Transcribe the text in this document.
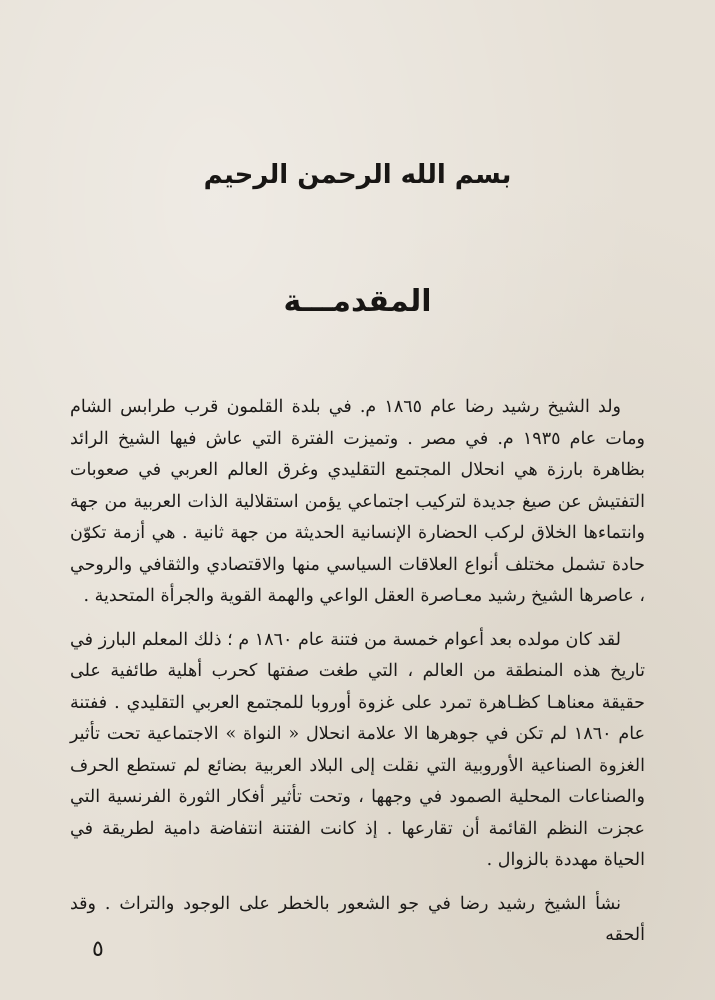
بسم الله الرحمن الرحيم
المقدمـــة

ولد الشيخ رشيد رضا عام ١٨٦٥ م. في بلدة القلمون قرب طرابس الشام ومات عام ١٩٣٥ م. في مصر . وتميزت الفترة التي عاش فيها الشيخ الرائد بظاهرة بارزة هي انحلال المجتمع التقليدي وغرق العالم العربي في صعوبات التفتيش عن صيغ جديدة لتركيب اجتماعي يؤمن استقلالية الذات العربية من جهة وانتماءها الخلاق لركب الحضارة الإنسانية الحديثة من جهة ثانية . هي أزمة تكوّن حادة تشمل مختلف أنواع العلاقات السياسي منها والاقتصادي والثقافي والروحي ، عاصرها الشيخ رشيد معـاصرة العقل الواعي والهمة القوية والجرأة المتحدية .

لقد كان مولده بعد أعوام خمسة من فتنة عام ١٨٦٠ م ؛ ذلك المعلم البارز في تاريخ هذه المنطقة من العالم ، التي طغت صفتها كحرب أهلية طائفية على حقيقة معناهـا كظـاهرة تمرد على غزوة أوروبا للمجتمع العربي التقليدي . ففتنة عام ١٨٦٠ لم تكن في جوهرها الا علامة انحلال « النواة » الاجتماعية تحت تأثير الغزوة الصناعية الأوروبية التي نقلت إلى البلاد العربية بضائع لم تستطع الحرف والصناعات المحلية الصمود في وجهها ، وتحت تأثير أفكار الثورة الفرنسية التي عجزت النظم القائمة أن تقارعها . إذ كانت الفتنة انتفاضة دامية لطريقة في الحياة مهددة بالزوال .

نشأ الشيخ رشيد رضا في جو الشعور بالخطر على الوجود والتراث . وقد ألحقه

٥
